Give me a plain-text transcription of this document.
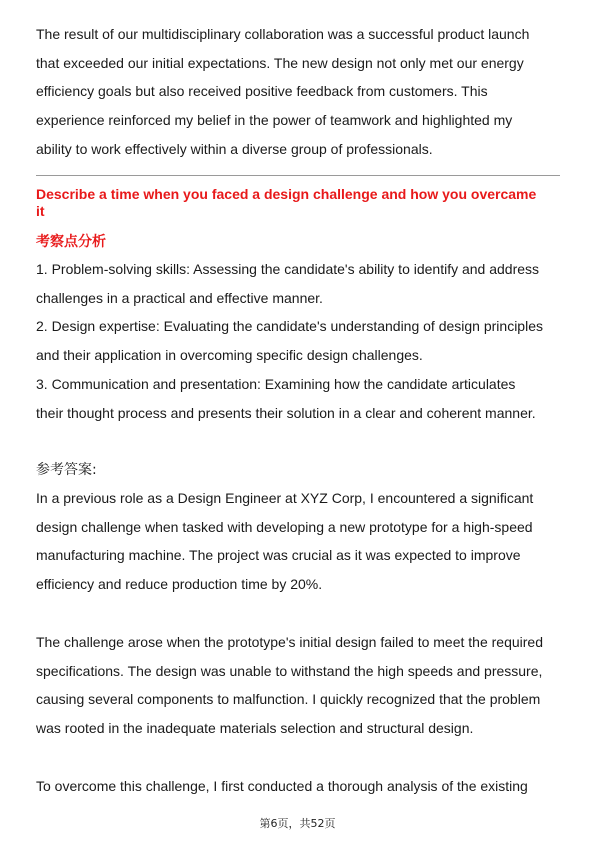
The result of our multidisciplinary collaboration was a successful product launch
that exceeded our initial expectations. The new design not only met our energy
efficiency goals but also received positive feedback from customers. This
experience reinforced my belief in the power of teamwork and highlighted my
ability to work effectively within a diverse group of professionals.
Describe a time when you faced a design challenge and how you overcame
it
考察点分析
1. Problem-solving skills: Assessing the candidate's ability to identify and address
challenges in a practical and effective manner.
2. Design expertise: Evaluating the candidate's understanding of design principles
and their application in overcoming specific design challenges.
3. Communication and presentation: Examining how the candidate articulates
their thought process and presents their solution in a clear and coherent manner.
参考答案:
In a previous role as a Design Engineer at XYZ Corp, I encountered a significant
design challenge when tasked with developing a new prototype for a high-speed
manufacturing machine. The project was crucial as it was expected to improve
efficiency and reduce production time by 20%.
The challenge arose when the prototype's initial design failed to meet the required
specifications. The design was unable to withstand the high speeds and pressure,
causing several components to malfunction. I quickly recognized that the problem
was rooted in the inadequate materials selection and structural design.
To overcome this challenge, I first conducted a thorough analysis of the existing
第6页，共52页
